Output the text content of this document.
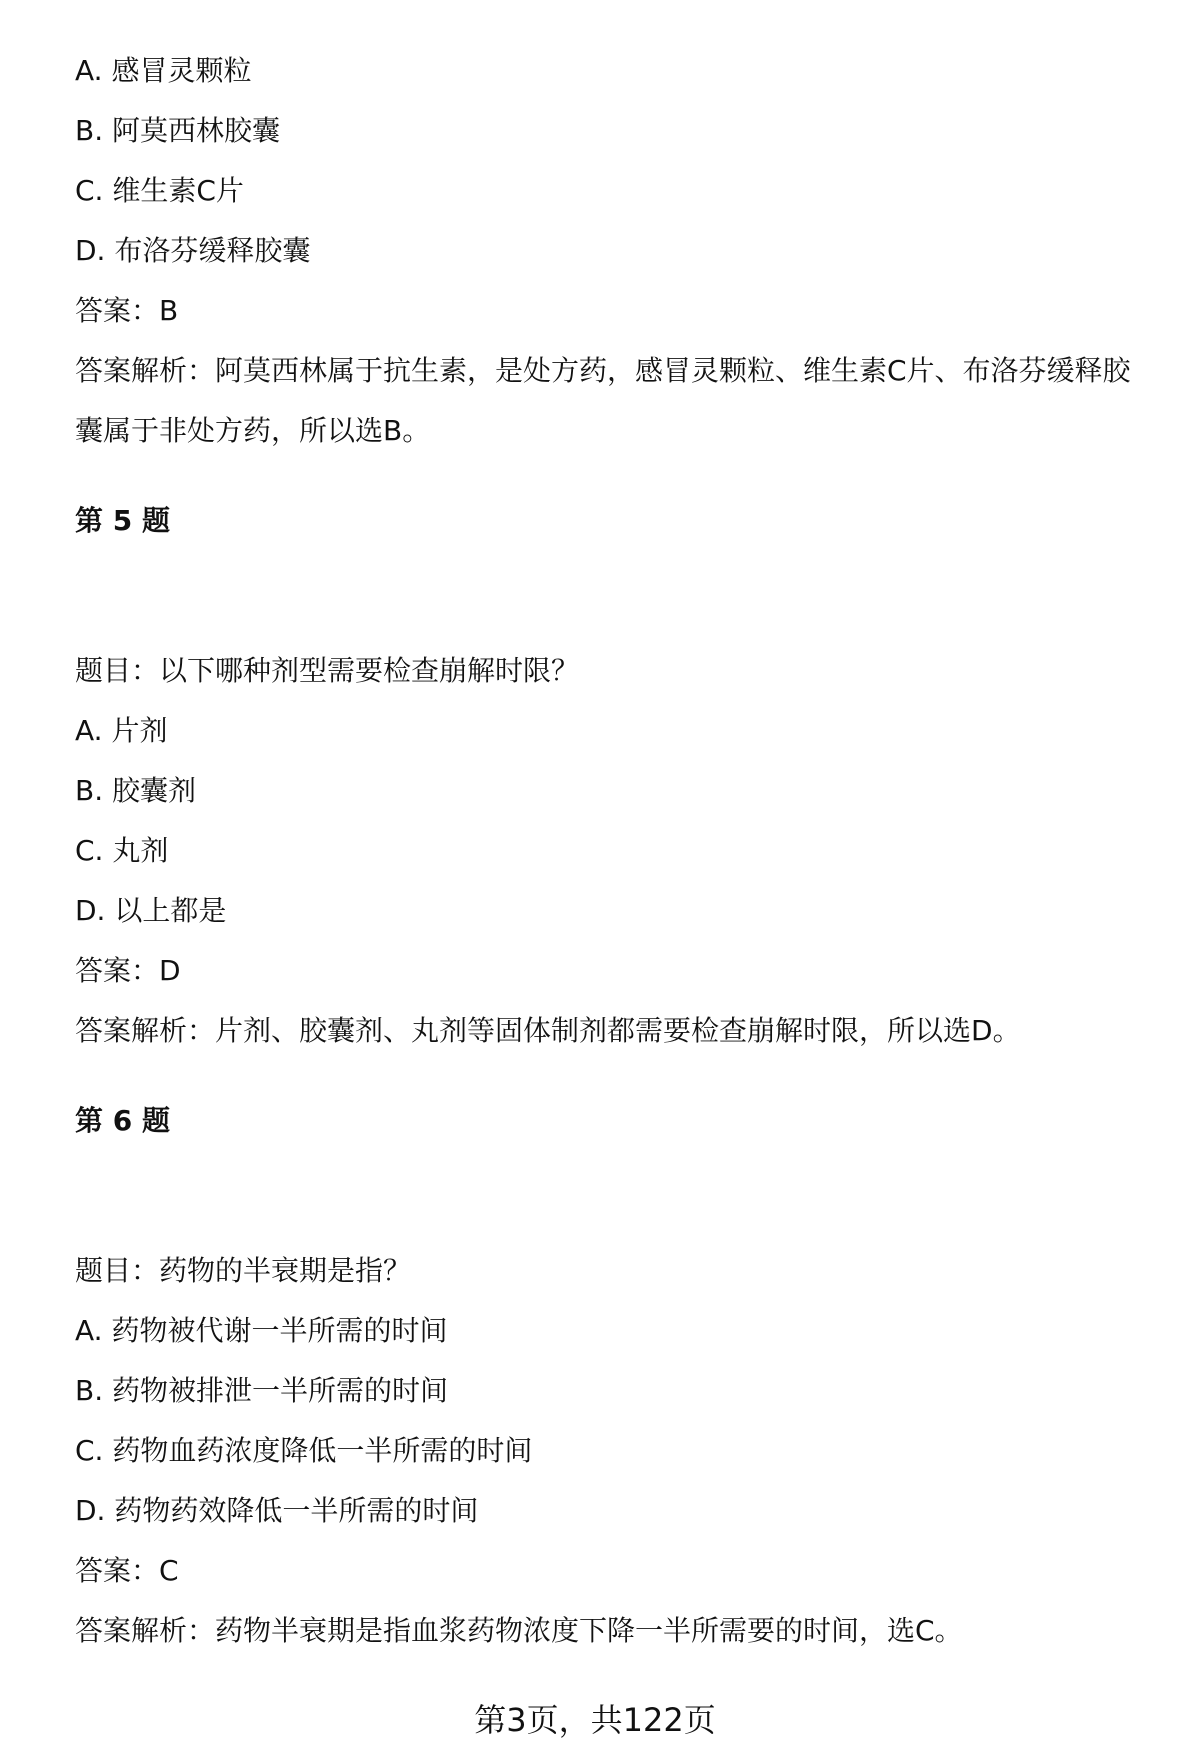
A. 感冒灵颗粒
B. 阿莫西林胶囊
C. 维生素C片
D. 布洛芬缓释胶囊
答案：B
答案解析：阿莫西林属于抗生素，是处方药，感冒灵颗粒、维生素C片、布洛芬缓释胶囊属于非处方药，所以选B。
第 5 题
题目：以下哪种剂型需要检查崩解时限？
A. 片剂
B. 胶囊剂
C. 丸剂
D. 以上都是
答案：D
答案解析：片剂、胶囊剂、丸剂等固体制剂都需要检查崩解时限，所以选D。
第 6 题
题目：药物的半衰期是指？
A. 药物被代谢一半所需的时间
B. 药物被排泄一半所需的时间
C. 药物血药浓度降低一半所需的时间
D. 药物药效降低一半所需的时间
答案：C
答案解析：药物半衰期是指血浆药物浓度下降一半所需要的时间，选C。
第3页，共122页
